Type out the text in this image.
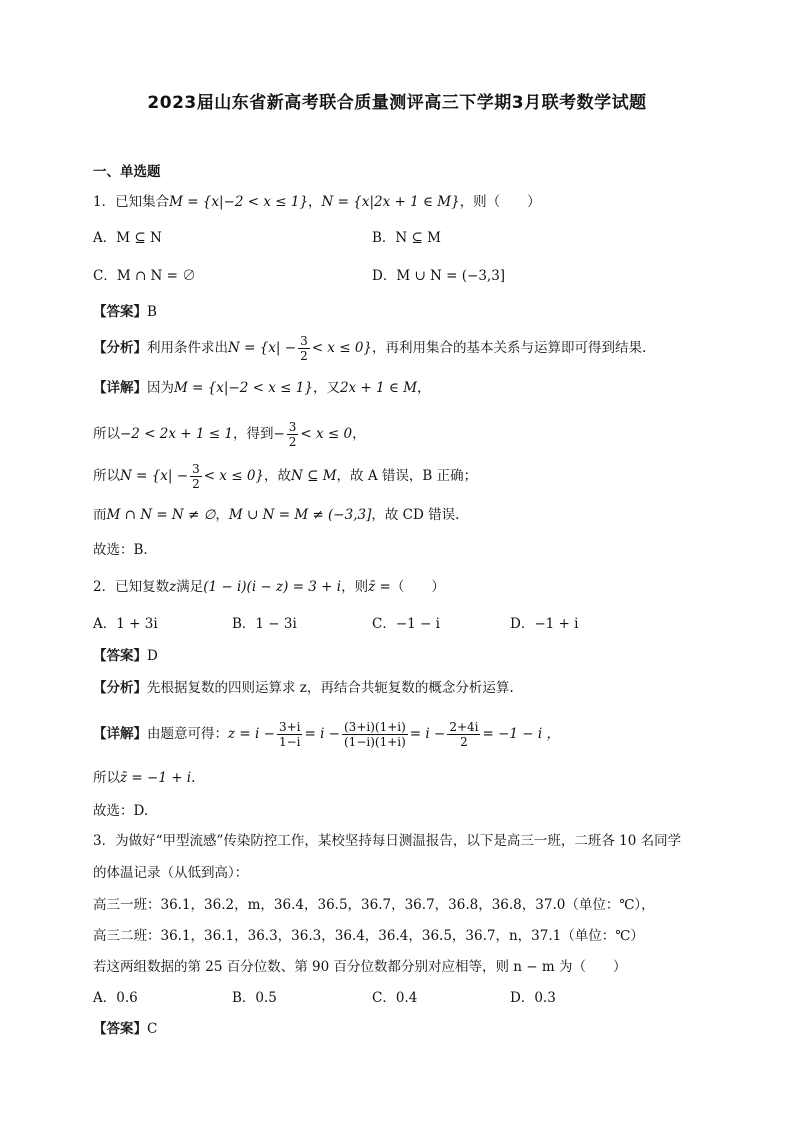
2023届山东省新高考联合质量测评高三下学期3月联考数学试题
一、单选题
1．已知集合M = {x|−2 < x ≤ 1}，N = {x|2x + 1 ∈ M}，则（　　）
A．M ⊆ N	B．N ⊆ M
C．M ∩ N = ∅	D．M ∪ N = (−3,3]
【答案】B
【分析】利用条件求出$N = \{x| - \frac{3}{2} < x \le 0\}$，再利用集合的基本关系与运算即可得到结果.
【详解】因为M = {x|−2 < x ≤ 1}，又2x + 1 ∈ M，
所以−2 < 2x + 1 ≤ 1，得到− $\frac{3}{2} < x \le 0$，
所以$N = \{x| - \frac{3}{2} < x \le 0\}$，故N ⊆ M，故 A 错误，B 正确；
而M ∩ N = N ≠ ∅，M ∪ N = M ≠ (−3,3]，故 CD 错误.
故选：B.
2．已知复数z满足(1 − i)(i − z) = 3 + i，则z̄ =（　　）
A．1 + 3i	B．1 − 3i	C．−1 − i	D．−1 + i
【答案】D
【分析】先根据复数的四则运算求 z，再结合共轭复数的概念分析运算.
【详解】由题意可得：$z = i - \frac{3+i}{1-i} = i - \frac{(3+i)(1+i)}{(1-i)(1+i)} = i - \frac{2+4i}{2} = -1 - i$ ，
所以z̄ = −1 + i.
故选：D.
3．为做好“甲型流感”传染防控工作，某校坚持每日测温报告，以下是高三一班，二班各 10 名同学
的体温记录（从低到高）：
高三一班：36.1，36.2，m，36.4，36.5，36.7，36.7，36.8，36.8，37.0（单位：℃），
高三二班：36.1，36.1，36.3，36.3，36.4，36.4，36.5，36.7，n，37.1（单位：℃）
若这两组数据的第 25 百分位数、第 90 百分位数都分别对应相等，则 n − m 为（　　）
A．0.6	B．0.5	C．0.4	D．0.3
【答案】C
